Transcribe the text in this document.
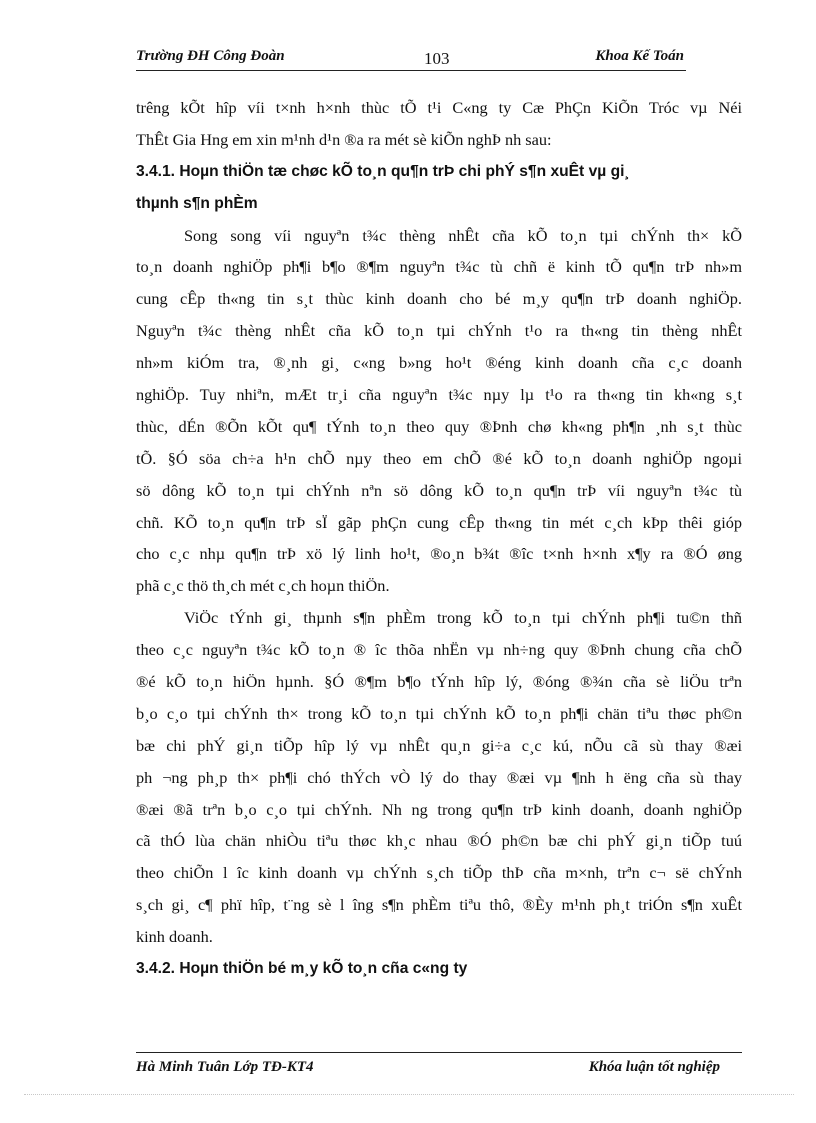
Trường ĐH Công Đoàn	103	Khoa Kế Toán
trêng kÕt hîp víi t×nh h×nh thùc tÕ t¹i C«ng ty Cæ PhÇn KiÕn Tróc vµ Néi
ThÊt Gia Hng em xin m¹nh d¹n ®a ra mét sè kiÕn nghÞ nh sau:
3.4.1. Hoµn thiÖn tæ chøc kÕ to¸n qu¶n trÞ chi phÝ s¶n xuÊt vµ gi¸
thµnh s¶n phÈm
Song song víi nguyªn t¾c thèng nhÊt cña kÕ to¸n tµi chÝnh th× kÕ
to¸n doanh nghiÖp ph¶i b¶o ®¶m nguyªn t¾c tù chñ ë kinh tÕ qu¶n trÞ nh»m
cung cÊp th«ng tin s¸t thùc kinh doanh cho bé m¸y qu¶n trÞ doanh nghiÖp.
Nguyªn t¾c thèng nhÊt cña kÕ to¸n tµi chÝnh t¹o ra th«ng tin thèng nhÊt
nh»m kiÓm tra, ®¸nh gi¸ c«ng b»ng ho¹t ®éng kinh doanh cña c¸c doanh
nghiÖp. Tuy nhiªn, mÆt tr¸i cña nguyªn t¾c nµy lµ t¹o ra th«ng tin kh«ng s¸t
thùc, dÉn ®Õn kÕt qu¶ tÝnh to¸n theo quy ®Þnh chø kh«ng ph¶n ¸nh s¸t thùc
tÕ. §Ó söa ch÷a h¹n chÕ nµy theo em chÕ ®é kÕ to¸n doanh nghiÖp ngoµi
sö dông kÕ to¸n tµi chÝnh nªn sö dông kÕ to¸n qu¶n trÞ víi nguyªn t¾c tù
chñ. KÕ to¸n qu¶n trÞ sÏ gãp phÇn cung cÊp th«ng tin mét c¸ch kÞp thêi gióp
cho c¸c nhµ qu¶n trÞ xö lý linh ho¹t, ®o¸n b¾t ®îc t×nh h×nh x¶y ra ®Ó øng
phã c¸c thö th¸ch mét c¸ch hoµn thiÖn.
ViÖc tÝnh gi¸ thµnh s¶n phÈm trong kÕ to¸n tµi chÝnh ph¶i tu©n thñ
theo c¸c nguyªn t¾c kÕ to¸n ® îc thõa nhËn vµ nh÷ng quy ®Þnh chung cña chÕ
®é kÕ to¸n hiÖn hµnh. §Ó ®¶m b¶o tÝnh hîp lý, ®óng ®¾n cña sè liÖu trªn
b¸o c¸o tµi chÝnh th× trong kÕ to¸n tµi chÝnh kÕ to¸n ph¶i chän tiªu thøc ph©n
bæ chi phÝ gi¸n tiÕp hîp lý vµ nhÊt qu¸n gi÷a c¸c kú, nÕu cã sù thay ®æi
ph ¬ng ph¸p th× ph¶i chó thÝch vÒ lý do thay ®æi vµ ¶nh h ëng cña sù thay
®æi ®ã trªn b¸o c¸o tµi chÝnh. Nh ng trong qu¶n trÞ kinh doanh, doanh nghiÖp
cã thÓ lùa chän nhiÒu tiªu thøc kh¸c nhau ®Ó ph©n bæ chi phÝ gi¸n tiÕp tuú
theo chiÕn l îc kinh doanh vµ chÝnh s¸ch tiÕp thÞ cña m×nh, trªn c¬ së chÝnh
s¸ch gi¸ c¶ phï hîp, t¨ng sè l îng s¶n phÈm tiªu thô, ®Èy m¹nh ph¸t triÓn s¶n xuÊt
kinh doanh.
3.4.2. Hoµn thiÖn bé m¸y kÕ to¸n cña c«ng ty
Hà Minh Tuân Lớp TĐ-KT4	Khóa luận tốt nghiệp
